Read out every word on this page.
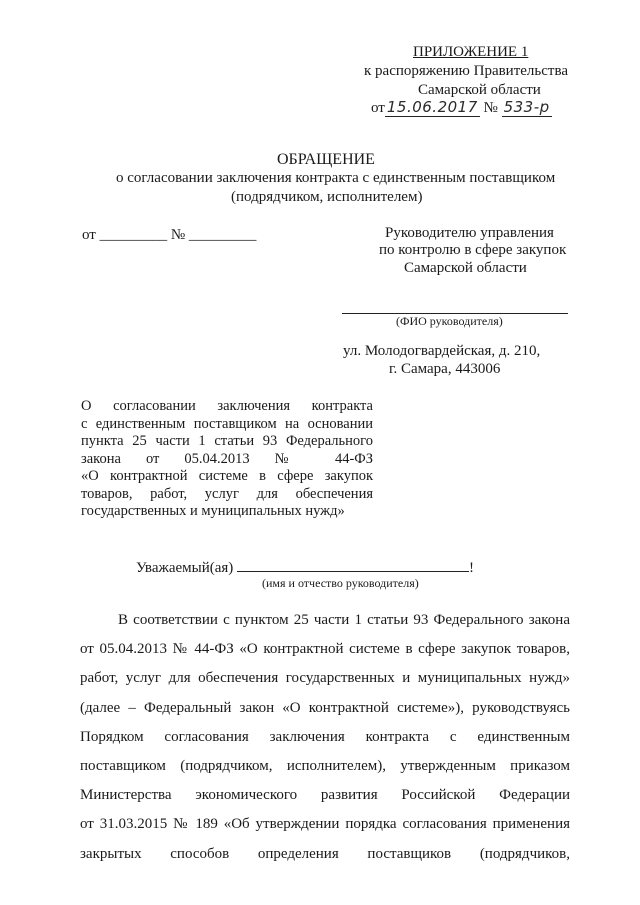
ПРИЛОЖЕНИЕ 1
к распоряжению Правительства
Самарской области
от 15.06.2017 № 533-р
ОБРАЩЕНИЕ
о согласовании заключения контракта с единственным поставщиком
(подрядчиком, исполнителем)
от _________ № _________	Руководителю управления
по контролю в сфере закупок
Самарской области
(ФИО руководителя)
ул. Молодогвардейская, д. 210,
г. Самара, 443006
О согласовании заключения контракта
с единственным поставщиком на основании
пункта 25 части 1 статьи 93 Федерального
закона от 05.04.2013 № 44-ФЗ
«О контрактной системе в сфере закупок
товаров, работ, услуг для обеспечения
государственных и муниципальных нужд»
Уважаемый(ая)	!
(имя и отчество руководителя)
В соответствии с пунктом 25 части 1 статьи 93 Федерального закона
от 05.04.2013 № 44-ФЗ «О контрактной системе в сфере закупок товаров,
работ, услуг для обеспечения государственных и муниципальных нужд»
(далее – Федеральный закон «О контрактной системе»), руководствуясь
Порядком согласования заключения контракта с единственным
поставщиком (подрядчиком, исполнителем), утвержденным приказом
Министерства экономического развития Российской Федерации
от 31.03.2015 № 189 «Об утверждении порядка согласования применения
закрытых способов определения поставщиков (подрядчиков,
